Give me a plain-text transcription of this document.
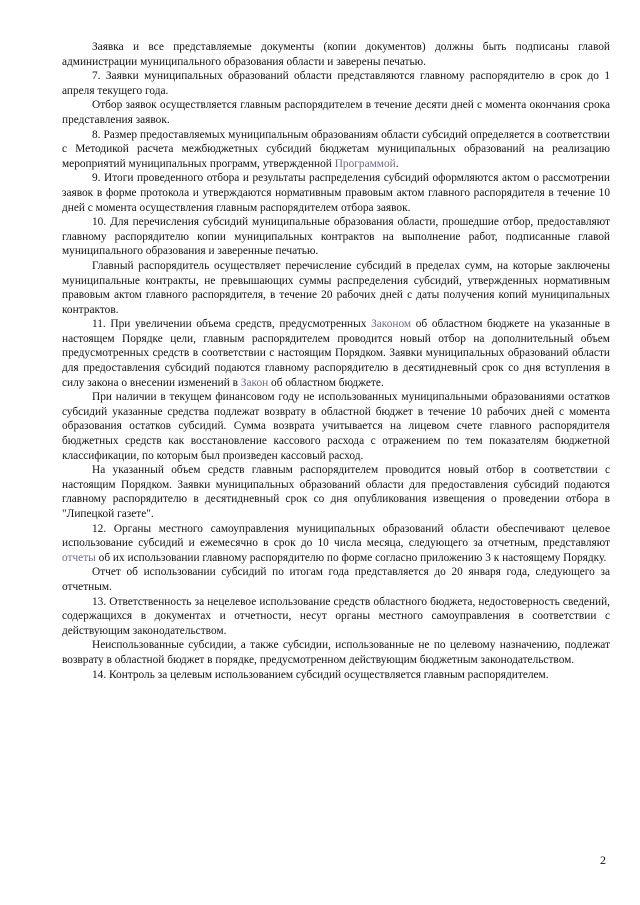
Заявка и все представляемые документы (копии документов) должны быть подписаны главой администрации муниципального образования области и заверены печатью.

7. Заявки муниципальных образований области представляются главному распорядителю в срок до 1 апреля текущего года.

Отбор заявок осуществляется главным распорядителем в течение десяти дней с момента окончания срока представления заявок.

8. Размер предоставляемых муниципальным образованиям области субсидий определяется в соответствии с Методикой расчета межбюджетных субсидий бюджетам муниципальных образований на реализацию мероприятий муниципальных программ, утвержденной Программой.

9. Итоги проведенного отбора и результаты распределения субсидий оформляются актом о рассмотрении заявок в форме протокола и утверждаются нормативным правовым актом главного распорядителя в течение 10 дней с момента осуществления главным распорядителем отбора заявок.

10. Для перечисления субсидий муниципальные образования области, прошедшие отбор, предоставляют главному распорядителю копии муниципальных контрактов на выполнение работ, подписанные главой муниципального образования и заверенные печатью.

Главный распорядитель осуществляет перечисление субсидий в пределах сумм, на которые заключены муниципальные контракты, не превышающих суммы распределения субсидий, утвержденных нормативным правовым актом главного распорядителя, в течение 20 рабочих дней с даты получения копий муниципальных контрактов.

11. При увеличении объема средств, предусмотренных Законом об областном бюджете на указанные в настоящем Порядке цели, главным распорядителем проводится новый отбор на дополнительный объем предусмотренных средств в соответствии с настоящим Порядком. Заявки муниципальных образований области для предоставления субсидий подаются главному распорядителю в десятидневный срок со дня вступления в силу закона о внесении изменений в Закон об областном бюджете.

При наличии в текущем финансовом году не использованных муниципальными образованиями остатков субсидий указанные средства подлежат возврату в областной бюджет в течение 10 рабочих дней с момента образования остатков субсидий. Сумма возврата учитывается на лицевом счете главного распорядителя бюджетных средств как восстановление кассового расхода с отражением по тем показателям бюджетной классификации, по которым был произведен кассовый расход.

На указанный объем средств главным распорядителем проводится новый отбор в соответствии с настоящим Порядком. Заявки муниципальных образований области для предоставления субсидий подаются главному распорядителю в десятидневный срок со дня опубликования извещения о проведении отбора в "Липецкой газете".

12. Органы местного самоуправления муниципальных образований области обеспечивают целевое использование субсидий и ежемесячно в срок до 10 числа месяца, следующего за отчетным, представляют отчеты об их использовании главному распорядителю по форме согласно приложению 3 к настоящему Порядку.

Отчет об использовании субсидий по итогам года представляется до 20 января года, следующего за отчетным.

13. Ответственность за нецелевое использование средств областного бюджета, недостоверность сведений, содержащихся в документах и отчетности, несут органы местного самоуправления в соответствии с действующим законодательством.

Неиспользованные субсидии, а также субсидии, использованные не по целевому назначению, подлежат возврату в областной бюджет в порядке, предусмотренном действующим бюджетным законодательством.

14. Контроль за целевым использованием субсидий осуществляется главным распорядителем.

2
